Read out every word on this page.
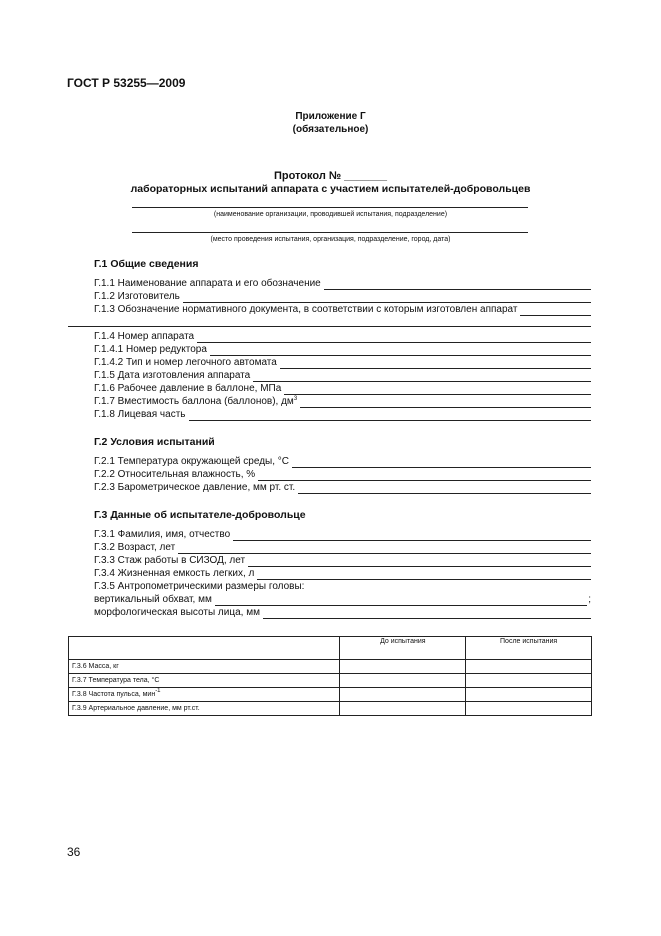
ГОСТ Р 53255—2009
Приложение Г
(обязательное)
Протокол № _______
лабораторных испытаний аппарата с участием испытателей-добровольцев
(наименование организации, проводившей испытания, подразделение)
(место проведения испытания, организация, подразделение, город, дата)
Г.1 Общие сведения
Г.1.1 Наименование аппарата и его обозначение
Г.1.2 Изготовитель
Г.1.3 Обозначение нормативного документа, в соответствии с которым изготовлен аппарат
Г.1.4 Номер аппарата
Г.1.4.1 Номер редуктора
Г.1.4.2 Тип и номер легочного автомата
Г.1.5 Дата изготовления аппарата
Г.1.6 Рабочее давление в баллоне, МПа
Г.1.7 Вместимость баллона (баллонов), $дм^3$
Г.1.8 Лицевая часть
Г.2 Условия испытаний
Г.2.1 Температура окружающей среды, °С
Г.2.2 Относительная влажность, %
Г.2.3 Барометрическое давление, мм рт. ст.
Г.3 Данные об испытателе-добровольце
Г.3.1 Фамилия, имя, отчество
Г.3.2 Возраст, лет
Г.3.3 Стаж работы в СИЗОД, лет
Г.3.4 Жизненная емкость легких, л
Г.3.5 Антропометрическими размеры головы:
вертикальный обхват, мм	;
морфологическая высоты лица, мм
	До испытания	После испытания
Г.3.6 Масса, кг		
Г.3.7 Температура тела, °С		
Г.3.8 Частота пульса, мин$^{-1}$		
Г.3.9 Артериальное давление, мм рт.ст.		
36
